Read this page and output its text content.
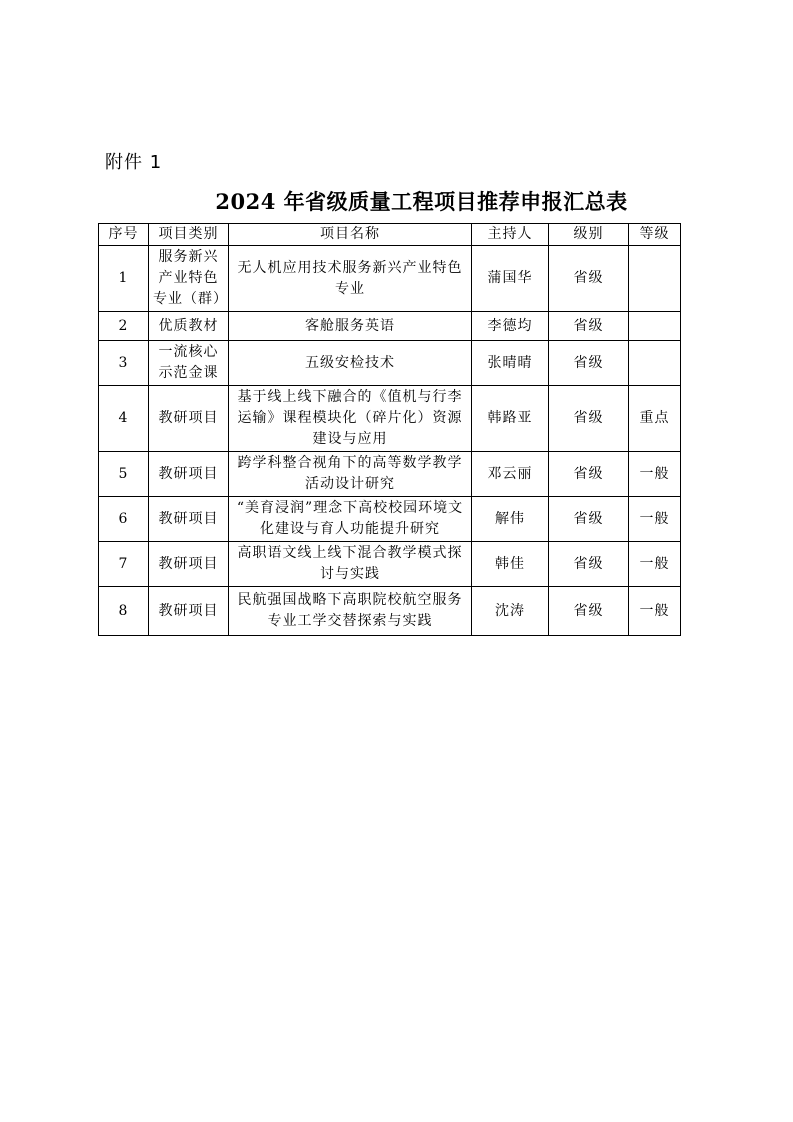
附件 1
2024 年省级质量工程项目推荐申报汇总表
序号	项目类别	项目名称	主持人	级别	等级
1	服务新兴产业特色专业（群）	无人机应用技术服务新兴产业特色专业	蒲国华	省级	
2	优质教材	客舱服务英语	李德均	省级	
3	一流核心示范金课	五级安检技术	张晴晴	省级	
4	教研项目	基于线上线下融合的《值机与行李运输》课程模块化（碎片化）资源建设与应用	韩路亚	省级	重点
5	教研项目	跨学科整合视角下的高等数学教学活动设计研究	邓云丽	省级	一般
6	教研项目	“美育浸润”理念下高校校园环境文化建设与育人功能提升研究	解伟	省级	一般
7	教研项目	高职语文线上线下混合教学模式探讨与实践	韩佳	省级	一般
8	教研项目	民航强国战略下高职院校航空服务专业工学交替探索与实践	沈涛	省级	一般
